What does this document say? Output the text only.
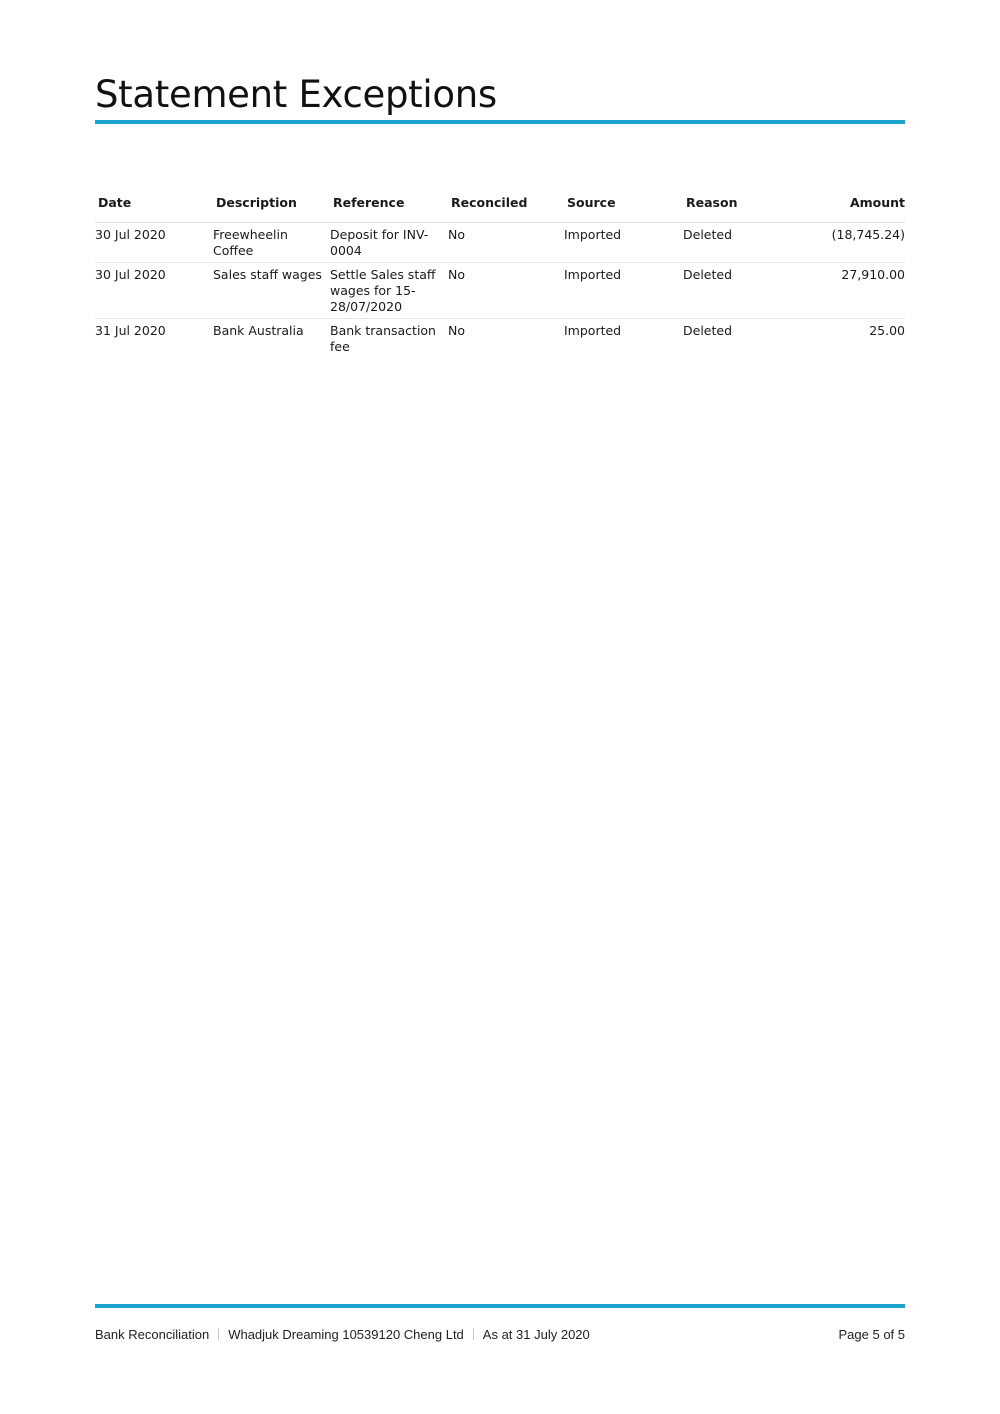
Statement Exceptions
Date	Description	Reference	Reconciled	Source	Reason	Amount
30 Jul 2020	Freewheelin Coffee	Deposit for INV-0004	No	Imported	Deleted	(18,745.24)
30 Jul 2020	Sales staff wages	Settle Sales staff wages for 15-28/07/2020	No	Imported	Deleted	27,910.00
31 Jul 2020	Bank Australia	Bank transaction fee	No	Imported	Deleted	25.00
Bank Reconciliation Whadjuk Dreaming 10539120 Cheng Ltd As at 31 July 2020	Page 5 of 5
